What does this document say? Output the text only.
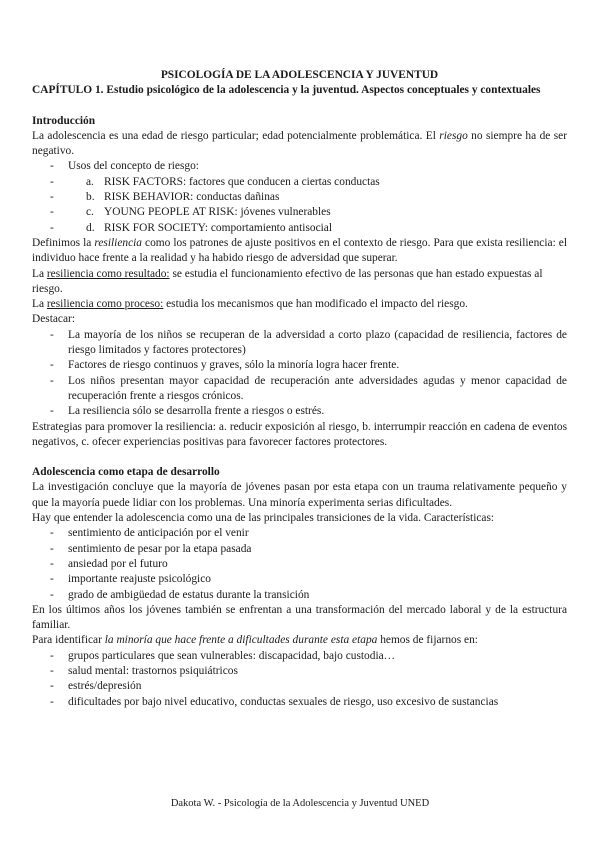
PSICOLOGÍA DE LA ADOLESCENCIA Y JUVENTUD

CAPÍTULO 1. Estudio psicológico de la adolescencia y la juventud. Aspectos conceptuales y contextuales

Introducción

La adolescencia es una edad de riesgo particular; edad potencialmente problemática. El riesgo no siempre ha de ser negativo.

- Usos del concepto de riesgo:
- a. RISK FACTORS: factores que conducen a ciertas conductas
- b. RISK BEHAVIOR: conductas dañinas
- c. YOUNG PEOPLE AT RISK: jóvenes vulnerables
- d. RISK FOR SOCIETY: comportamiento antisocial

Definimos la resiliencia como los patrones de ajuste positivos en el contexto de riesgo. Para que exista resiliencia: el individuo hace frente a la realidad y ha habido riesgo de adversidad que superar.

La resiliencia como resultado: se estudia el funcionamiento efectivo de las personas que han estado expuestas al riesgo.

La resiliencia como proceso: estudia los mecanismos que han modificado el impacto del riesgo.

Destacar:

- La mayoría de los niños se recuperan de la adversidad a corto plazo (capacidad de resiliencia, factores de riesgo limitados y factores protectores)
- Factores de riesgo continuos y graves, sólo la minoría logra hacer frente.
- Los niños presentan mayor capacidad de recuperación ante adversidades agudas y menor capacidad de recuperación frente a riesgos crónicos.
- La resiliencia sólo se desarrolla frente a riesgos o estrés.

Estrategias para promover la resiliencia: a. reducir exposición al riesgo, b. interrumpir reacción en cadena de eventos negativos, c. ofecer experiencias positivas para favorecer factores protectores.

Adolescencia como etapa de desarrollo

La investigación concluye que la mayoría de jóvenes pasan por esta etapa con un trauma relativamente pequeño y que la mayoría puede lidiar con los problemas. Una minoría experimenta serias dificultades.

Hay que entender la adolescencia como una de las principales transiciones de la vida. Características:

- sentimiento de anticipación por el venir
- sentimiento de pesar por la etapa pasada
- ansiedad por el futuro
- importante reajuste psicológico
- grado de ambigüedad de estatus durante la transición

En los últimos años los jóvenes también se enfrentan a una transformación del mercado laboral y de la estructura familiar.

Para identificar la minoría que hace frente a dificultades durante esta etapa hemos de fijarnos en:

- grupos particulares que sean vulnerables: discapacidad, bajo custodia…
- salud mental: trastornos psiquiátricos
- estrés/depresión
- dificultades por bajo nivel educativo, conductas sexuales de riesgo, uso excesivo de sustancias
Dakota W. - Psicología de la Adolescencia y Juventud UNED
